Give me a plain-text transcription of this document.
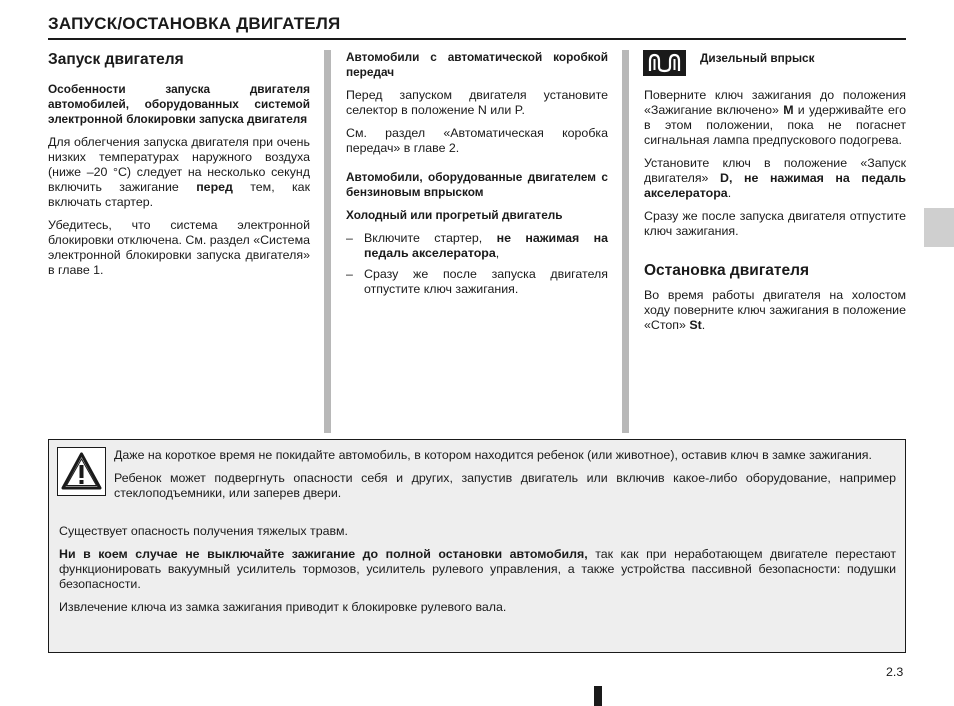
ЗАПУСК/ОСТАНОВКА ДВИГАТЕЛЯ
Запуск двигателя

Особенности запуска двигателя автомобилей, оборудованных системой электронной блокировки запуска двигателя

Для облегчения запуска двигателя при очень низких температурах наружного воздуха (ниже –20 °C) следует на несколько секунд включить зажигание перед тем, как включать стартер.

Убедитесь, что система электронной блокировки отключена. См. раздел «Система электронной блокировки запуска двигателя» в главе 1.

Автомобили с автоматической коробкой передач

Перед запуском двигателя установите селектор в положение N или P.

См. раздел «Автоматическая коробка передач» в главе 2.

Автомобили, оборудованные двигателем с бензиновым впрыском

Холодный или прогретый двигатель

– Включите стартер, не нажимая на педаль акселератора,
– Сразу же после запуска двигателя отпустите ключ зажигания.
Дизельный впрыск

Поверните ключ зажигания до положения «Зажигание включено» M и удерживайте его в этом положении, пока не погаснет сигнальная лампа предпускового подогрева.

Установите ключ в положение «Запуск двигателя» D, не нажимая на педаль акселератора.

Сразу же после запуска двигателя отпустите ключ зажигания.

Остановка двигателя

Во время работы двигателя на холостом ходу поверните ключ зажигания в положение «Стоп» St.

Даже на короткое время не покидайте автомобиль, в котором находится ребенок (или животное), оставив ключ в замке зажигания.

Ребенок может подвергнуть опасности себя и других, запустив двигатель или включив какое-либо оборудование, например стеклоподъемники, или заперев двери.

Существует опасность получения тяжелых травм.

Ни в коем случае не выключайте зажигание до полной остановки автомобиля, так как при неработающем двигателе перестают функционировать вакуумный усилитель тормозов, усилитель рулевого управления, а также устройства пассивной безопасности: подушки безопасности.

Извлечение ключа из замка зажигания приводит к блокировке рулевого вала.

2.3
